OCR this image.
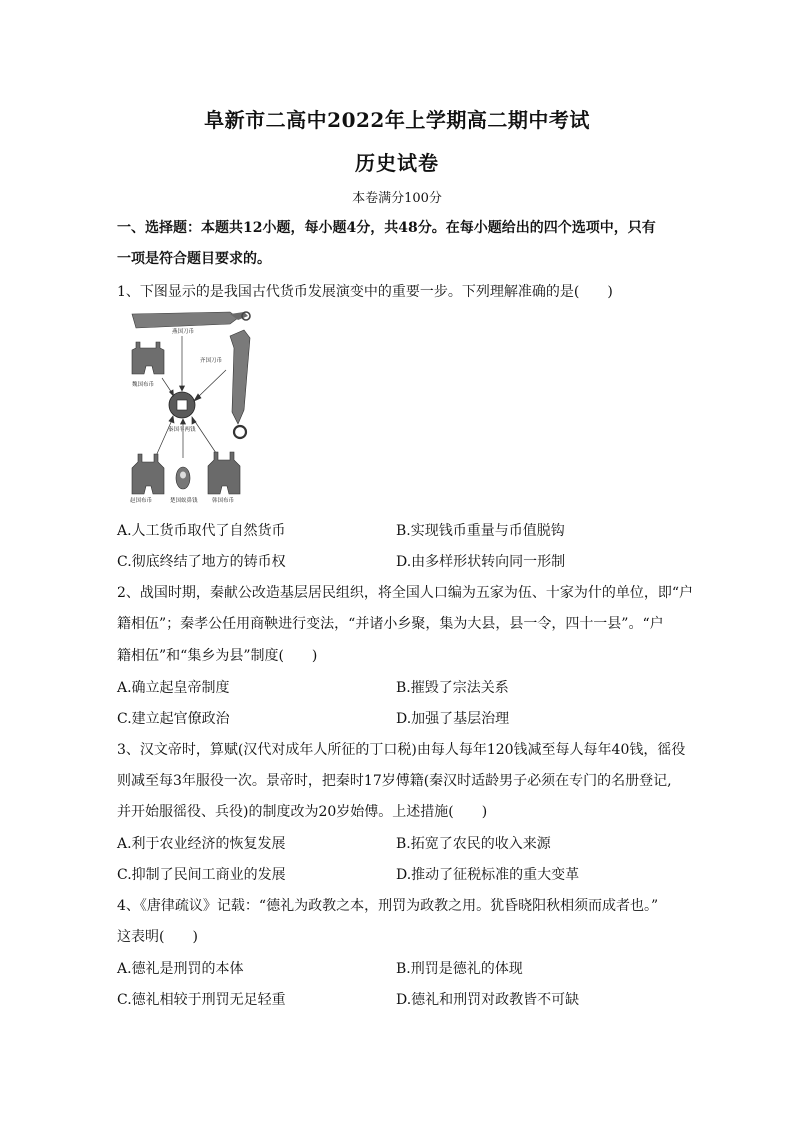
阜新市二高中2022年上学期高二期中考试
历史试卷
本卷满分100分
一、选择题：本题共12小题，每小题4分，共48分。在每小题给出的四个选项中，只有
一项是符合题目要求的。
1、下图显示的是我国古代货币发展演变中的重要一步。下列理解准确的是(　　)
燕国刀币
齐国刀币
魏国布币
秦国半两钱
赵国布币	楚国蚁鼻钱	韩国布币
A.人工货币取代了自然货币	B.实现钱币重量与币值脱钩
C.彻底终结了地方的铸币权	D.由多样形状转向同一形制
2、战国时期，秦献公改造基层居民组织，将全国人口编为五家为伍、十家为什的单位，即“户
籍相伍”；秦孝公任用商鞅进行变法，“并诸小乡聚，集为大县，县一令，四十一县”。“户
籍相伍”和“集乡为县”制度(　　)
A.确立起皇帝制度	B.摧毁了宗法关系
C.建立起官僚政治	D.加强了基层治理
3、汉文帝时，算赋(汉代对成年人所征的丁口税)由每人每年120钱减至每人每年40钱，徭役
则减至每3年服役一次。景帝时，把秦时17岁傅籍(秦汉时适龄男子必须在专门的名册登记,
并开始服徭役、兵役)的制度改为20岁始傅。上述措施(　　)
A.利于农业经济的恢复发展	B.拓宽了农民的收入来源
C.抑制了民间工商业的发展	D.推动了征税标准的重大变革
4、《唐律疏议》记载：“德礼为政教之本，刑罚为政教之用。犹昏晓阳秋相须而成者也。”
这表明(　　)
A.德礼是刑罚的本体	B.刑罚是德礼的体现
C.德礼相较于刑罚无足轻重	D.德礼和刑罚对政教皆不可缺
